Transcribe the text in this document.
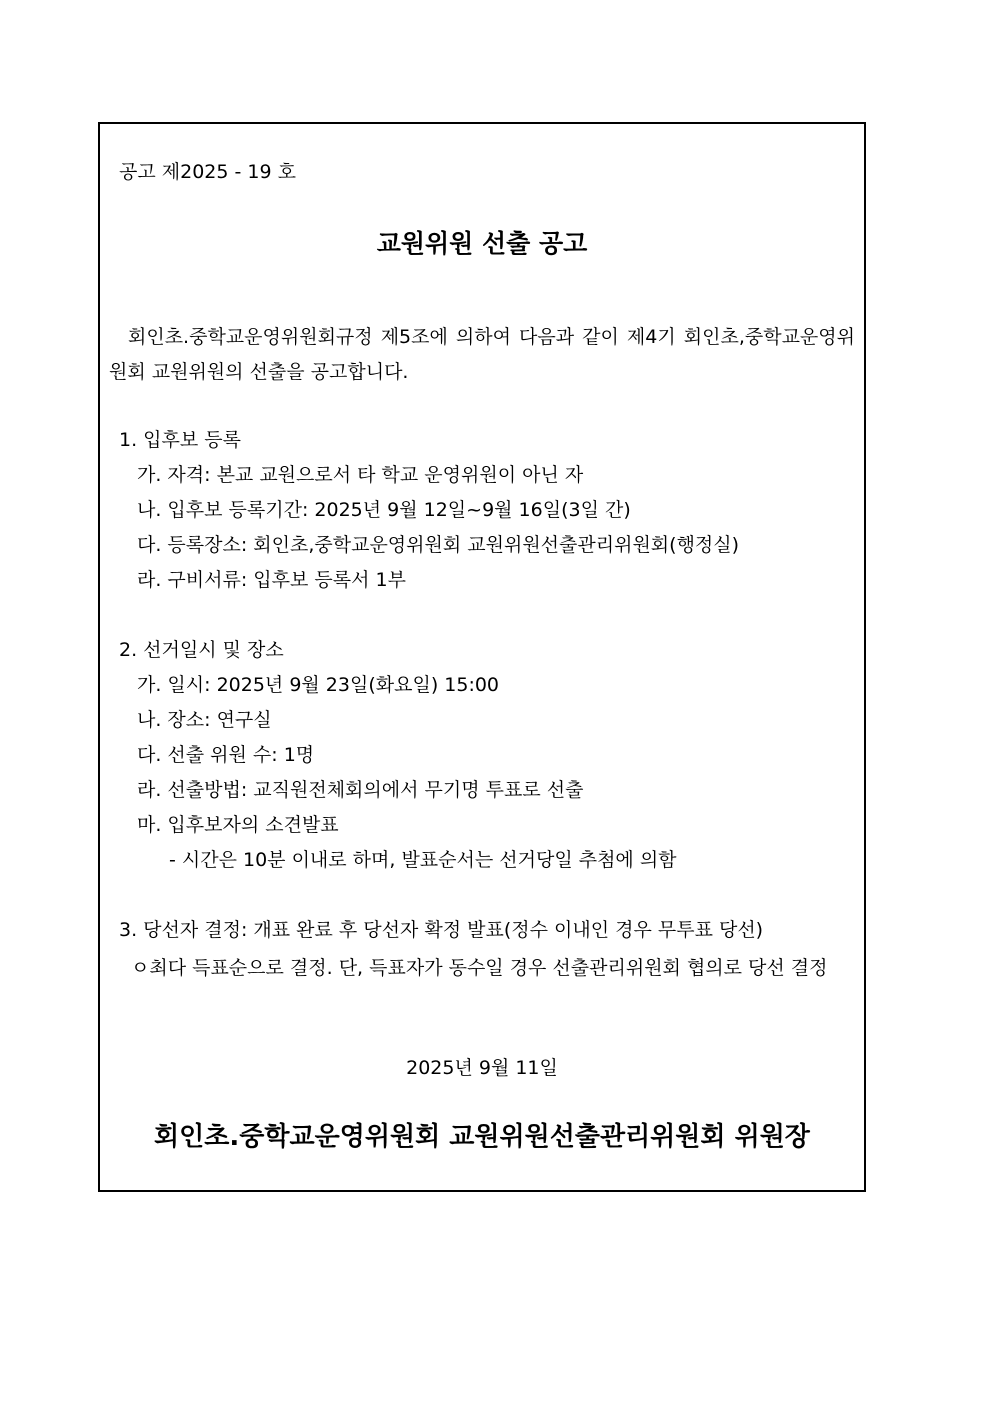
공고 제2025 - 19 호
교원위원 선출 공고
회인초.중학교운영위원회규정 제5조에 의하여 다음과 같이 제4기 회인초,중학교운영위원회 교원위원의 선출을 공고합니다.
1. 입후보 등록
가. 자격: 본교 교원으로서 타 학교 운영위원이 아닌 자
나. 입후보 등록기간: 2025년 9월 12일~9월 16일(3일 간)
다. 등록장소: 회인초,중학교운영위원회 교원위원선출관리위원회(행정실)
라. 구비서류: 입후보 등록서 1부
2. 선거일시 및 장소
가. 일시: 2025년 9월 23일(화요일) 15:00
나. 장소: 연구실
다. 선출 위원 수: 1명
라. 선출방법: 교직원전체회의에서 무기명 투표로 선출
마. 입후보자의 소견발표
- 시간은 10분 이내로 하며, 발표순서는 선거당일 추첨에 의함
3. 당선자 결정: 개표 완료 후 당선자 확정 발표(정수 이내인 경우 무투표 당선)
ㅇ최다 득표순으로 결정. 단, 득표자가 동수일 경우 선출관리위원회 협의로 당선 결정
2025년 9월 11일
회인초.중학교운영위원회 교원위원선출관리위원회 위원장
